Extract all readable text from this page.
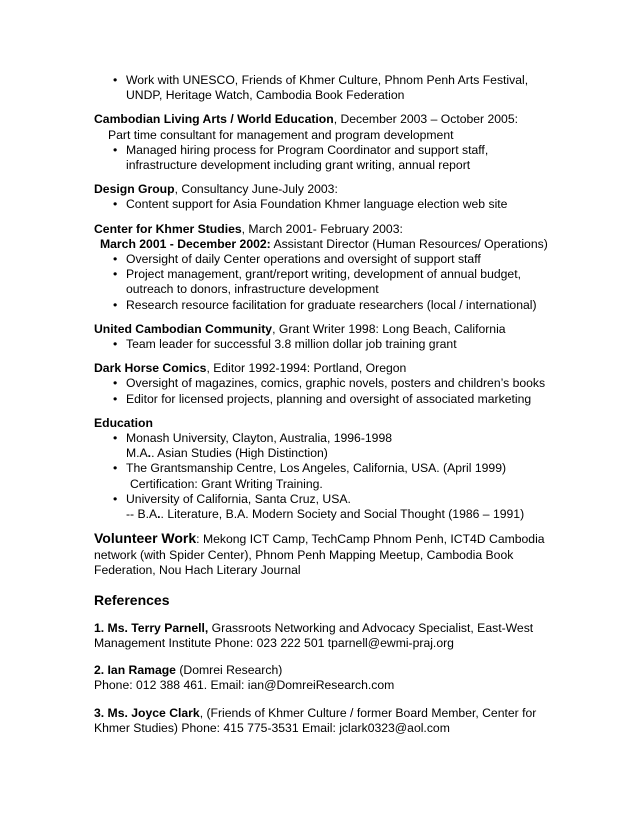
• Work with UNESCO, Friends of Khmer Culture, Phnom Penh Arts Festival, UNDP, Heritage Watch, Cambodia Book Federation
Cambodian Living Arts / World Education, December 2003 – October 2005:
Part time consultant for management and program development
• Managed hiring process for Program Coordinator and support staff, infrastructure development including grant writing, annual report
Design Group, Consultancy June-July 2003:
• Content support for Asia Foundation Khmer language election web site
Center for Khmer Studies, March 2001- February 2003:
March 2001 - December 2002: Assistant Director (Human Resources/ Operations)
• Oversight of daily Center operations and oversight of support staff
• Project management, grant/report writing, development of annual budget, outreach to donors, infrastructure development
• Research resource facilitation for graduate researchers (local / international)
United Cambodian Community, Grant Writer 1998: Long Beach, California
• Team leader for successful 3.8 million dollar job training grant
Dark Horse Comics, Editor 1992-1994: Portland, Oregon
• Oversight of magazines, comics, graphic novels, posters and children’s books
• Editor for licensed projects, planning and oversight of associated marketing
Education
• Monash University, Clayton, Australia, 1996-1998
M.A.. Asian Studies (High Distinction)
• The Grantsmanship Centre, Los Angeles, California, USA. (April 1999)
Certification: Grant Writing Training.
• University of California, Santa Cruz, USA.
-- B.A.. Literature, B.A. Modern Society and Social Thought (1986 – 1991)
Volunteer Work: Mekong ICT Camp, TechCamp Phnom Penh, ICT4D Cambodia
network (with Spider Center), Phnom Penh Mapping Meetup, Cambodia Book
Federation, Nou Hach Literary Journal
References
1. Ms. Terry Parnell, Grassroots Networking and Advocacy Specialist, East-West
Management Institute Phone: 023 222 501 tparnell@ewmi-praj.org
2. Ian Ramage (Domrei Research)
Phone: 012 388 461. Email: ian@DomreiResearch.com
3. Ms. Joyce Clark, (Friends of Khmer Culture / former Board Member, Center for
Khmer Studies) Phone: 415 775-3531 Email: jclark0323@aol.com
